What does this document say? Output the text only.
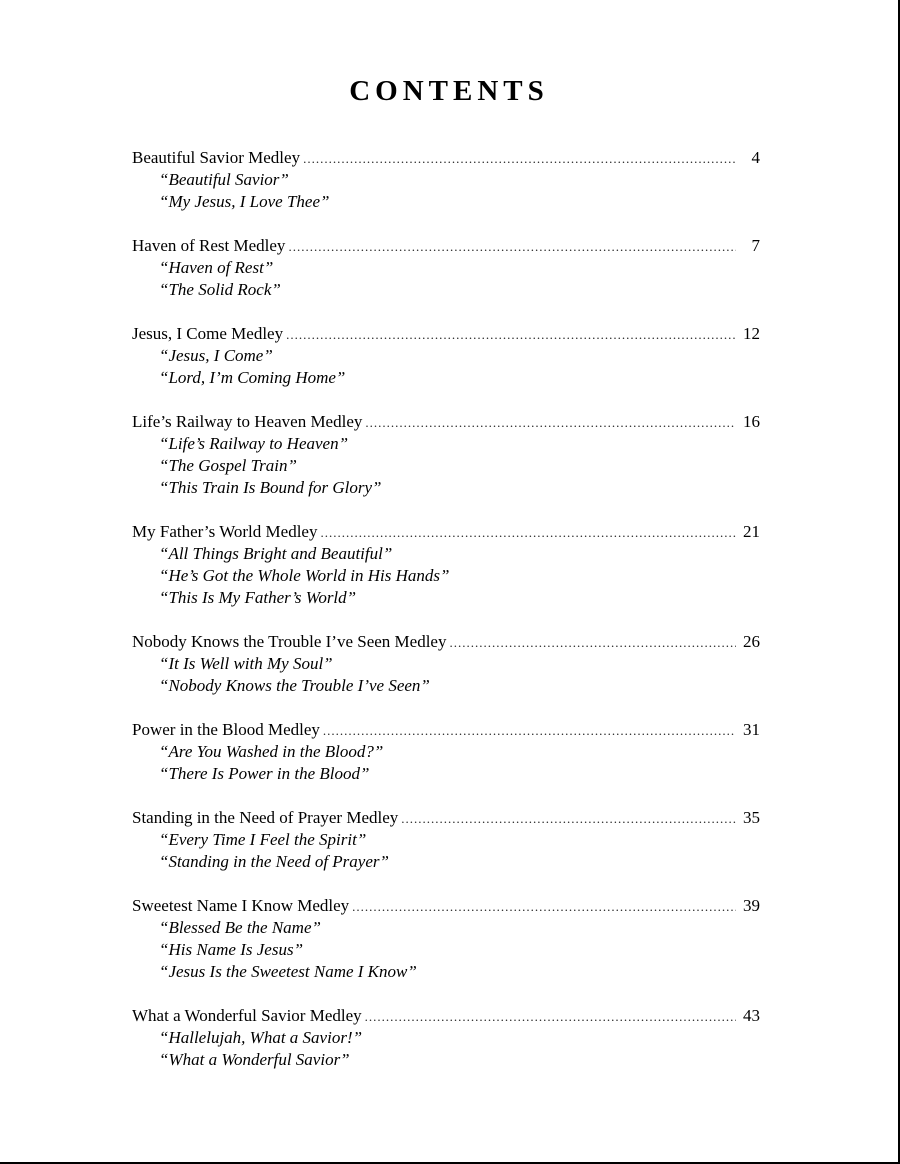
CONTENTS
Beautiful Savior Medley .....	4
“Beautiful Savior”
“My Jesus, I Love Thee”
Haven of Rest Medley .....	7
“Haven of Rest”
“The Solid Rock”
Jesus, I Come Medley .....	12
“Jesus, I Come”
“Lord, I’m Coming Home”
Life’s Railway to Heaven Medley .....	16
“Life’s Railway to Heaven”
“The Gospel Train”
“This Train Is Bound for Glory”
My Father’s World Medley .....	21
“All Things Bright and Beautiful”
“He’s Got the Whole World in His Hands”
“This Is My Father’s World”
Nobody Knows the Trouble I’ve Seen Medley .....	26
“It Is Well with My Soul”
“Nobody Knows the Trouble I’ve Seen”
Power in the Blood Medley .....	31
“Are You Washed in the Blood?”
“There Is Power in the Blood”
Standing in the Need of Prayer Medley .....	35
“Every Time I Feel the Spirit”
“Standing in the Need of Prayer”
Sweetest Name I Know Medley .....	39
“Blessed Be the Name”
“His Name Is Jesus”
“Jesus Is the Sweetest Name I Know”
What a Wonderful Savior Medley .....	43
“Hallelujah, What a Savior!”
“What a Wonderful Savior”
